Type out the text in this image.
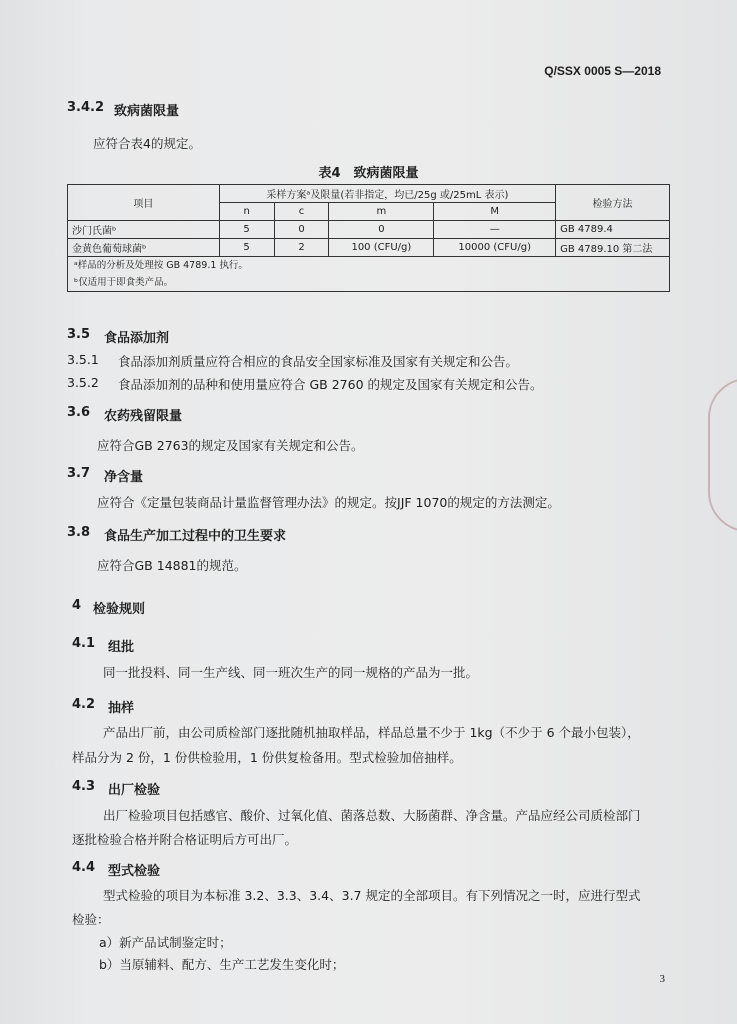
Q/SSX 0005 S—2018
3.4.2 致病菌限量
应符合表4的规定。
表4　致病菌限量
项目	采样方案ᵃ及限量(若非指定，均已/25g 或/25mL 表示)				检验方法
	n	c	m	M	
沙门氏菌ᵇ	5	0	0	—	GB 4789.4
金黄色葡萄球菌ᵇ	5	2	100 (CFU/g)	10000 (CFU/g)	GB 4789.10 第二法

ᵃ样品的分析及处理按 GB 4789.1 执行。
ᵇ仅适用于即食类产品。					
3.5 食品添加剂
3.5.1 食品添加剂质量应符合相应的食品安全国家标准及国家有关规定和公告。
3.5.2 食品添加剂的品种和使用量应符合 GB 2760 的规定及国家有关规定和公告。
3.6 农药残留限量
应符合GB 2763的规定及国家有关规定和公告。
3.7 净含量
应符合《定量包装商品计量监督管理办法》的规定。按JJF 1070的规定的方法测定。
3.8 食品生产加工过程中的卫生要求
应符合GB 14881的规范。
4 检验规则
4.1 组批
同一批投料、同一生产线、同一班次生产的同一规格的产品为一批。
4.2 抽样
产品出厂前，由公司质检部门逐批随机抽取样品，样品总量不少于 1kg（不少于 6 个最小包装），
样品分为 2 份，1 份供检验用，1 份供复检备用。型式检验加倍抽样。
4.3 出厂检验
出厂检验项目包括感官、酸价、过氧化值、菌落总数、大肠菌群、净含量。产品应经公司质检部门
逐批检验合格并附合格证明后方可出厂。
4.4 型式检验
型式检验的项目为本标准 3.2、3.3、3.4、3.7 规定的全部项目。有下列情况之一时，应进行型式
检验：
a）新产品试制鉴定时；
b）当原辅料、配方、生产工艺发生变化时；
3
